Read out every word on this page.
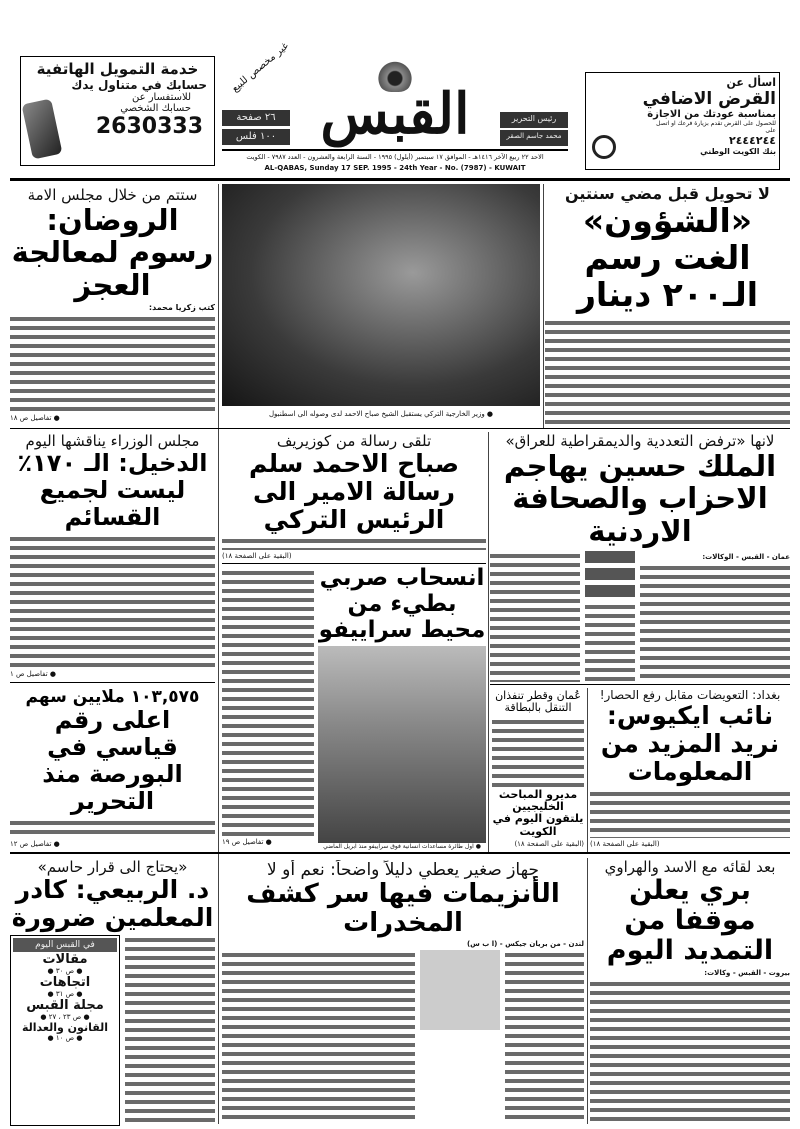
خدمة التمويل الهاتفية
حسابك في متناول يدك
للاستفسار عن
حسابك الشخصي
2630333
غير مخصص للبيع
٢٦ صفحة
١٠٠ فلس القبس	رئيس التحرير
محمد جاسم الصقر
الاحد ٢٢ ربيع الآخر ١٤١٦هـ - الموافق ١٧ سبتمبر (أيلول) ١٩٩٥ - السنة الرابعة والعشرون - العدد ٧٩٨٧ - الكويت
AL-QABAS, Sunday 17 SEP. 1995 - 24th Year - No. (7987) - KUWAIT
اسأل عن
القرض الاضافي
بمناسبة عودتك من الاجازة
للحصول على القرض تقدم بزيارة فرعك او اتصل على
٢٤٤٤٢٤٤
بنك الكويت الوطني
لا تحويل قبل مضي سنتين
«الشؤون» الغت رسم الـ٢٠٠ دينار
● وزير الخارجية التركي يستقبل الشيخ صباح الاحمد لدى وصوله الى اسطنبول
ستتم من خلال مجلس الامة
الروضان: رسوم لمعالجة العجز
كتب زكريا محمد:
● تفاصيل ص ١٨
لانها «ترفض التعددية والديمقراطية للعراق»
الملك حسين يهاجم الاحزاب والصحافة الاردنية
عمان - القبس - الوكالات:
تلقى رسالة من كوزيريف
صباح الاحمد سلم رسالة الامير الى الرئيس التركي
(البقية على الصفحة ١٨)
انسحاب صربي بطيء من محيط سراييفو
● اول طائرة مساعدات انسانية فوق سراييفو منذ ابريل الماضي
● تفاصيل ص ١٩
مجلس الوزراء يناقشها اليوم
الدخيل: الـ ١٧٠٪ ليست لجميع القسائم
● تفاصيل ص ١
بغداد: التعويضات مقابل رفع الحصار!
نائب ايكيوس: نريد المزيد من المعلومات
(البقية على الصفحة ١٨)
عُمان وقطر تنفذان التنقل بالبطاقة
مديرو المباحث الخليجيين يلتقون اليوم في الكويت
(البقية على الصفحة ١٨)
١٠٣,٥٧٥ ملايين سهم
اعلى رقم قياسي في البورصة منذ التحرير
● تفاصيل ص ١٢
بعد لقائه مع الاسد والهراوي
بري يعلن موقفا من التمديد اليوم
بيروت - القبس - وكالات:
جهاز صغير يعطي دليلاً واضحاً: نعم أو لا
الأنزيمات فيها سر كشف المخدرات
لندن - من بريان جيكس - (ا ب س)
«يحتاج الى قرار حاسم»
د. الربيعي: كادر المعلمين ضرورة
في القبس اليوم
مقالات
● ص ٣٠ ●
اتجاهات
● ص ٣١ ●
مجلة القبس
● ص ٢٣ ، ٢٧ ●
القانون والعدالة
● ص ١٠ ●
